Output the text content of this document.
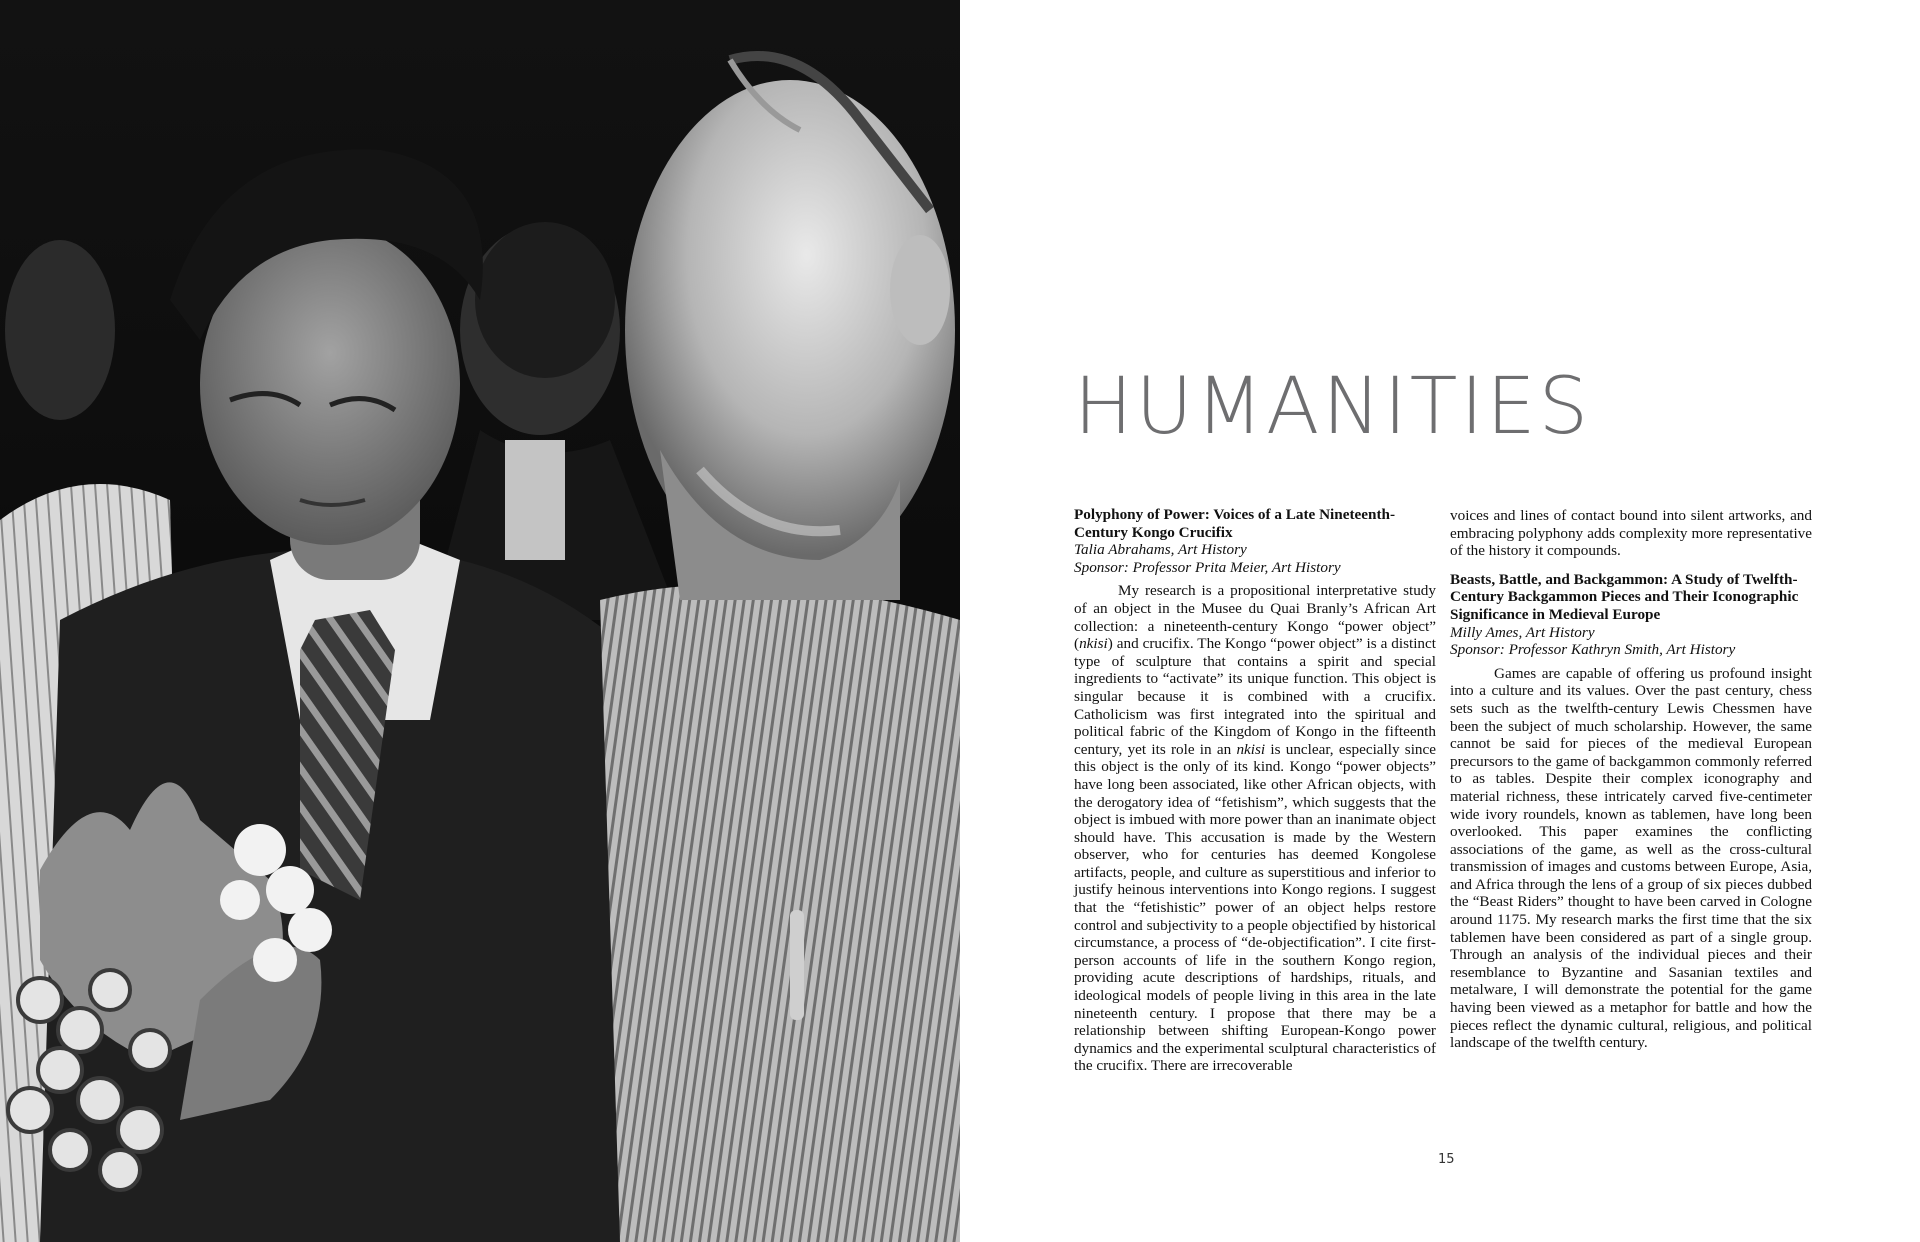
HUMANITIES

Polyphony of Power: Voices of a Late Nineteenth-Century Kongo Crucifix

Talia Abrahams, Art History

Sponsor: Professor Prita Meier, Art History

My research is a propositional interpretative study of an object in the Musee du Quai Branly’s African Art collection: a nineteenth-century Kongo “power object” (nkisi) and crucifix. The Kongo “power object” is a distinct type of sculpture that contains a spirit and special ingredients to “activate” its unique function. This object is singular because it is combined with a crucifix. Catholicism was first integrated into the spiritual and political fabric of the Kingdom of Kongo in the fifteenth century, yet its role in an nkisi is unclear, especially since this object is the only of its kind. Kongo “power objects” have long been associated, like other African objects, with the derogatory idea of “fetishism”, which suggests that the object is imbued with more power than an inanimate object should have. This accusation is made by the Western observer, who for centuries has deemed Kongolese artifacts, people, and culture as superstitious and inferior to justify heinous interventions into Kongo regions. I suggest that the “fetishistic” power of an object helps restore control and subjectivity to a people objectified by historical circumstance, a process of “de-objectification”. I cite first-person accounts of life in the southern Kongo region, providing acute descriptions of hardships, rituals, and ideological models of people living in this area in the late nineteenth century. I propose that there may be a relationship between shifting European-Kongo power dynamics and the experimental sculptural characteristics of the crucifix. There are irrecoverable

voices and lines of contact bound into silent artworks, and embracing polyphony adds complexity more representative of the history it compounds.

Beasts, Battle, and Backgammon: A Study of Twelfth-Century Backgammon Pieces and Their Iconographic Significance in Medieval Europe

Milly Ames, Art History

Sponsor: Professor Kathryn Smith, Art History

Games are capable of offering us profound insight into a culture and its values. Over the past century, chess sets such as the twelfth-century Lewis Chessmen have been the subject of much scholarship. However, the same cannot be said for pieces of the medieval European precursors to the game of backgammon commonly referred to as tables. Despite their complex iconography and material richness, these intricately carved five-centimeter wide ivory roundels, known as tablemen, have long been overlooked. This paper examines the conflicting associations of the game, as well as the cross-cultural transmission of images and customs between Europe, Asia, and Africa through the lens of a group of six pieces dubbed the “Beast Riders” thought to have been carved in Cologne around 1175. My research marks the first time that the six tablemen have been considered as part of a single group. Through an analysis of the individual pieces and their resemblance to Byzantine and Sasanian textiles and metalware, I will demonstrate the potential for the game having been viewed as a metaphor for battle and how the pieces reflect the dynamic cultural, religious, and political landscape of the twelfth century.

15
